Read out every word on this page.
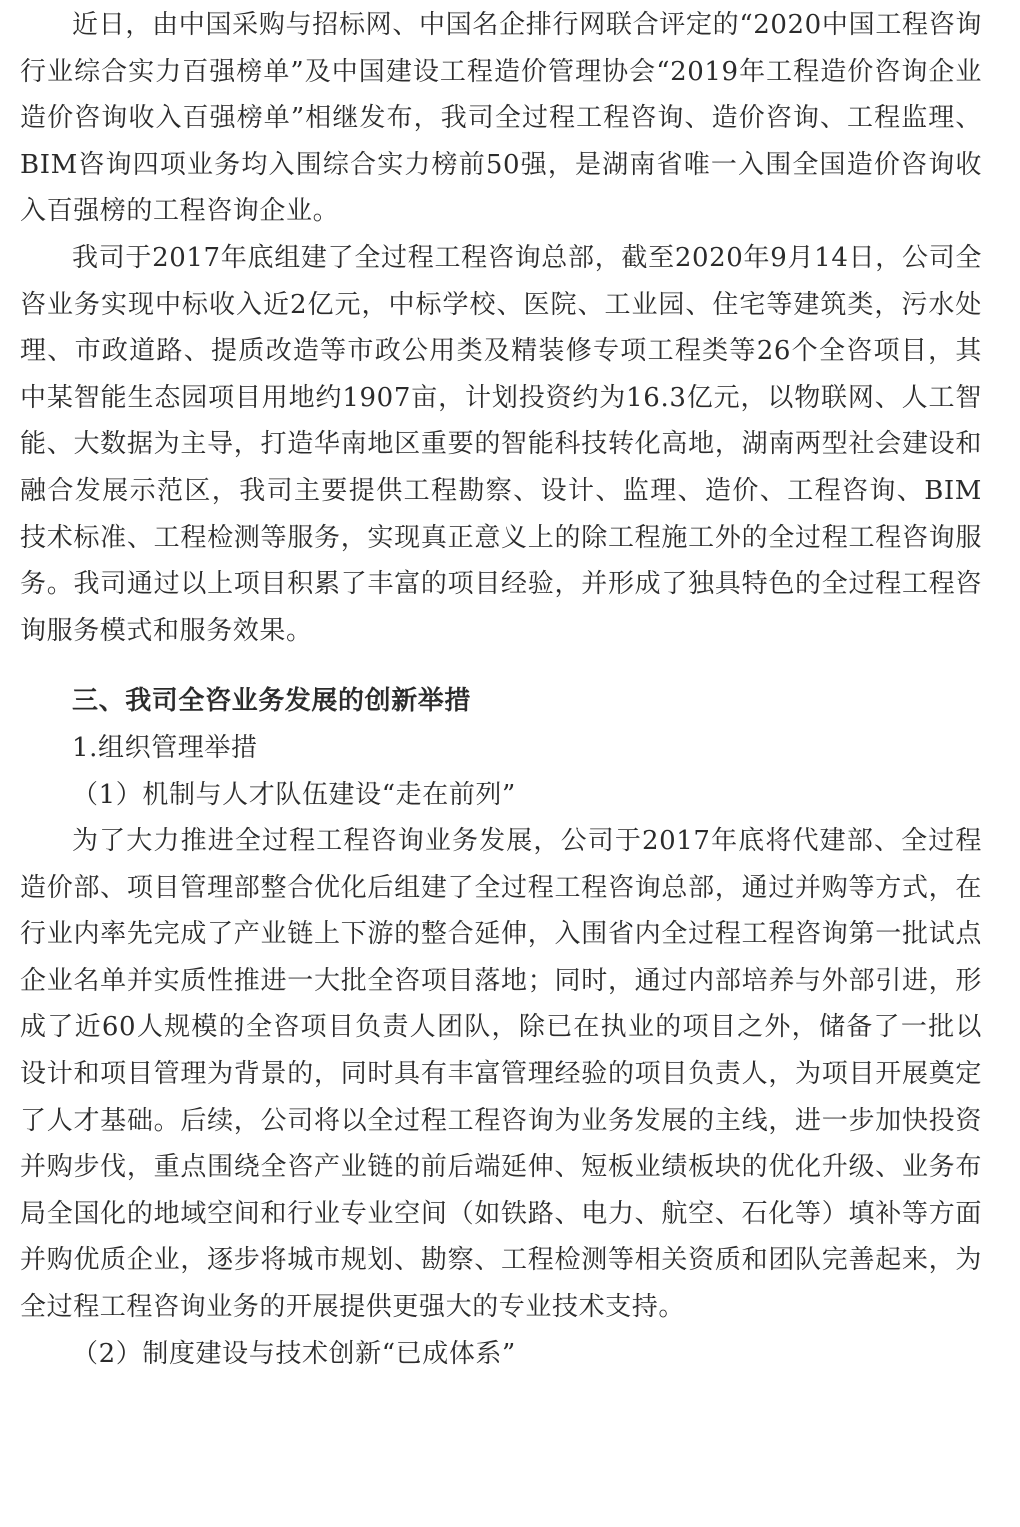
近日，由中国采购与招标网、中国名企排行网联合评定的“2020中国工程咨询行业综合实力百强榜单”及中国建设工程造价管理协会“2019年工程造价咨询企业造价咨询收入百强榜单”相继发布，我司全过程工程咨询、造价咨询、工程监理、BIM咨询四项业务均入围综合实力榜前50强，是湖南省唯一入围全国造价咨询收入百强榜的工程咨询企业。

我司于2017年底组建了全过程工程咨询总部，截至2020年9月14日，公司全咨业务实现中标收入近2亿元，中标学校、医院、工业园、住宅等建筑类，污水处理、市政道路、提质改造等市政公用类及精装修专项工程类等26个全咨项目，其中某智能生态园项目用地约1907亩，计划投资约为16.3亿元，以物联网、人工智能、大数据为主导，打造华南地区重要的智能科技转化高地，湖南两型社会建设和融合发展示范区，我司主要提供工程勘察、设计、监理、造价、工程咨询、BIM技术标准、工程检测等服务，实现真正意义上的除工程施工外的全过程工程咨询服务。我司通过以上项目积累了丰富的项目经验，并形成了独具特色的全过程工程咨询服务模式和服务效果。

三、我司全咨业务发展的创新举措

1.组织管理举措

（1）机制与人才队伍建设“走在前列”

为了大力推进全过程工程咨询业务发展，公司于2017年底将代建部、全过程造价部、项目管理部整合优化后组建了全过程工程咨询总部，通过并购等方式，在行业内率先完成了产业链上下游的整合延伸，入围省内全过程工程咨询第一批试点企业名单并实质性推进一大批全咨项目落地；同时，通过内部培养与外部引进，形成了近60人规模的全咨项目负责人团队，除已在执业的项目之外，储备了一批以设计和项目管理为背景的，同时具有丰富管理经验的项目负责人，为项目开展奠定了人才基础。后续，公司将以全过程工程咨询为业务发展的主线，进一步加快投资并购步伐，重点围绕全咨产业链的前后端延伸、短板业绩板块的优化升级、业务布局全国化的地域空间和行业专业空间（如铁路、电力、航空、石化等）填补等方面并购优质企业，逐步将城市规划、勘察、工程检测等相关资质和团队完善起来，为全过程工程咨询业务的开展提供更强大的专业技术支持。

（2）制度建设与技术创新“已成体系”
